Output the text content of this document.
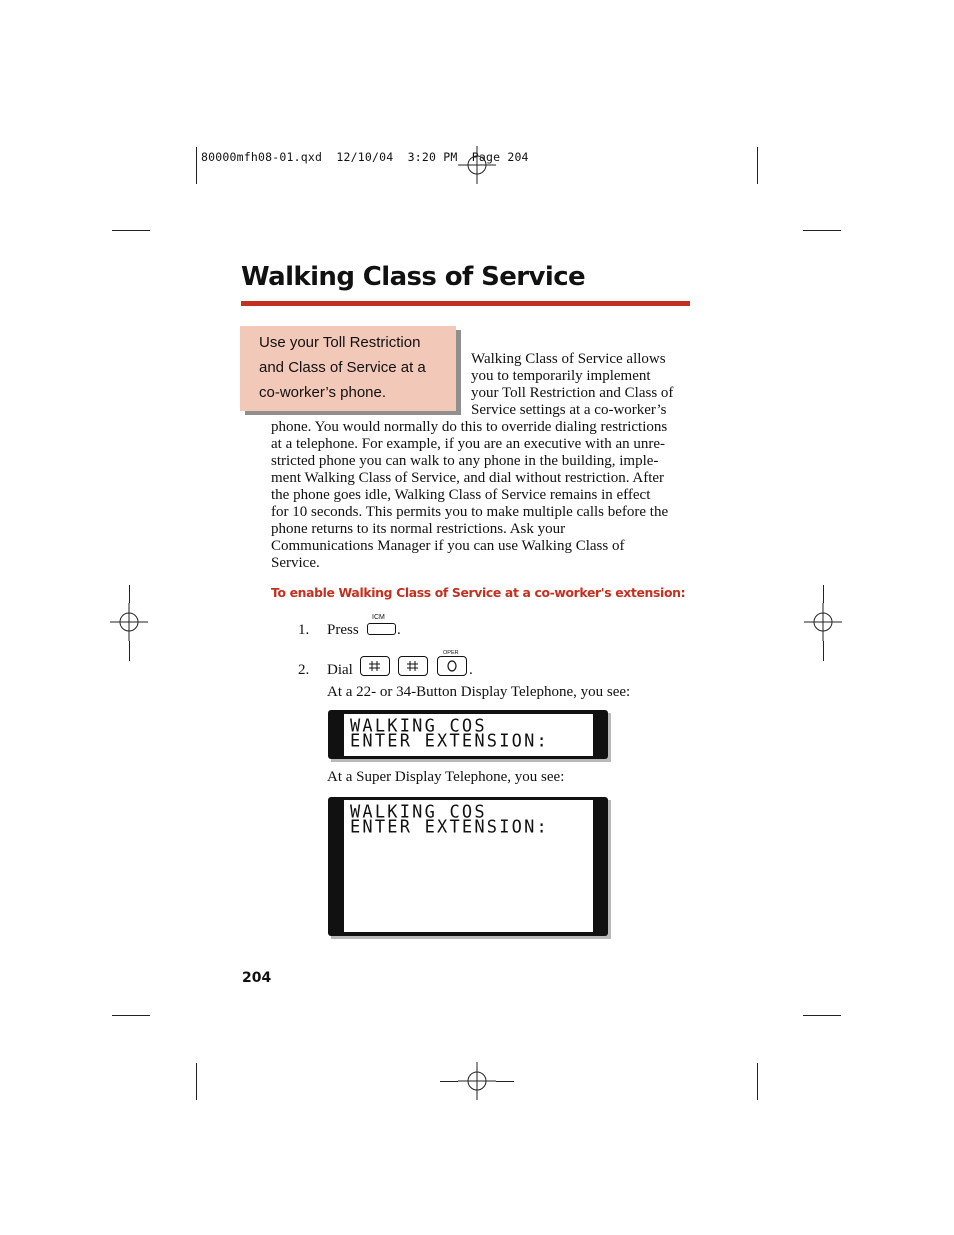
80000mfh08-01.qxd  12/10/04  3:20 PM  Page 204
Walking Class of Service
Use your Toll Restriction
and Class of Service at a
co-worker’s phone.
Walking Class of Service allows
you to temporarily implement
your Toll Restriction and Class of
Service settings at a co-worker’s
phone. You would normally do this to override dialing restrictions
at a telephone. For example, if you are an executive with an unre-
stricted phone you can walk to any phone in the building, imple-
ment Walking Class of Service, and dial without restriction. After
the phone goes idle, Walking Class of Service remains in effect
for 10 seconds. This permits you to make multiple calls before the
phone returns to its normal restrictions. Ask your
Communications Manager if you can use Walking Class of
Service.
To enable Walking Class of Service at a co-worker's extension:
1. Press
ICM
.
2. Dial
OPER
.
At a 22- or 34-Button Display Telephone, you see:
WALKING COS
ENTER EXTENSION:
At a Super Display Telephone, you see:
WALKING COS
ENTER EXTENSION:
204
